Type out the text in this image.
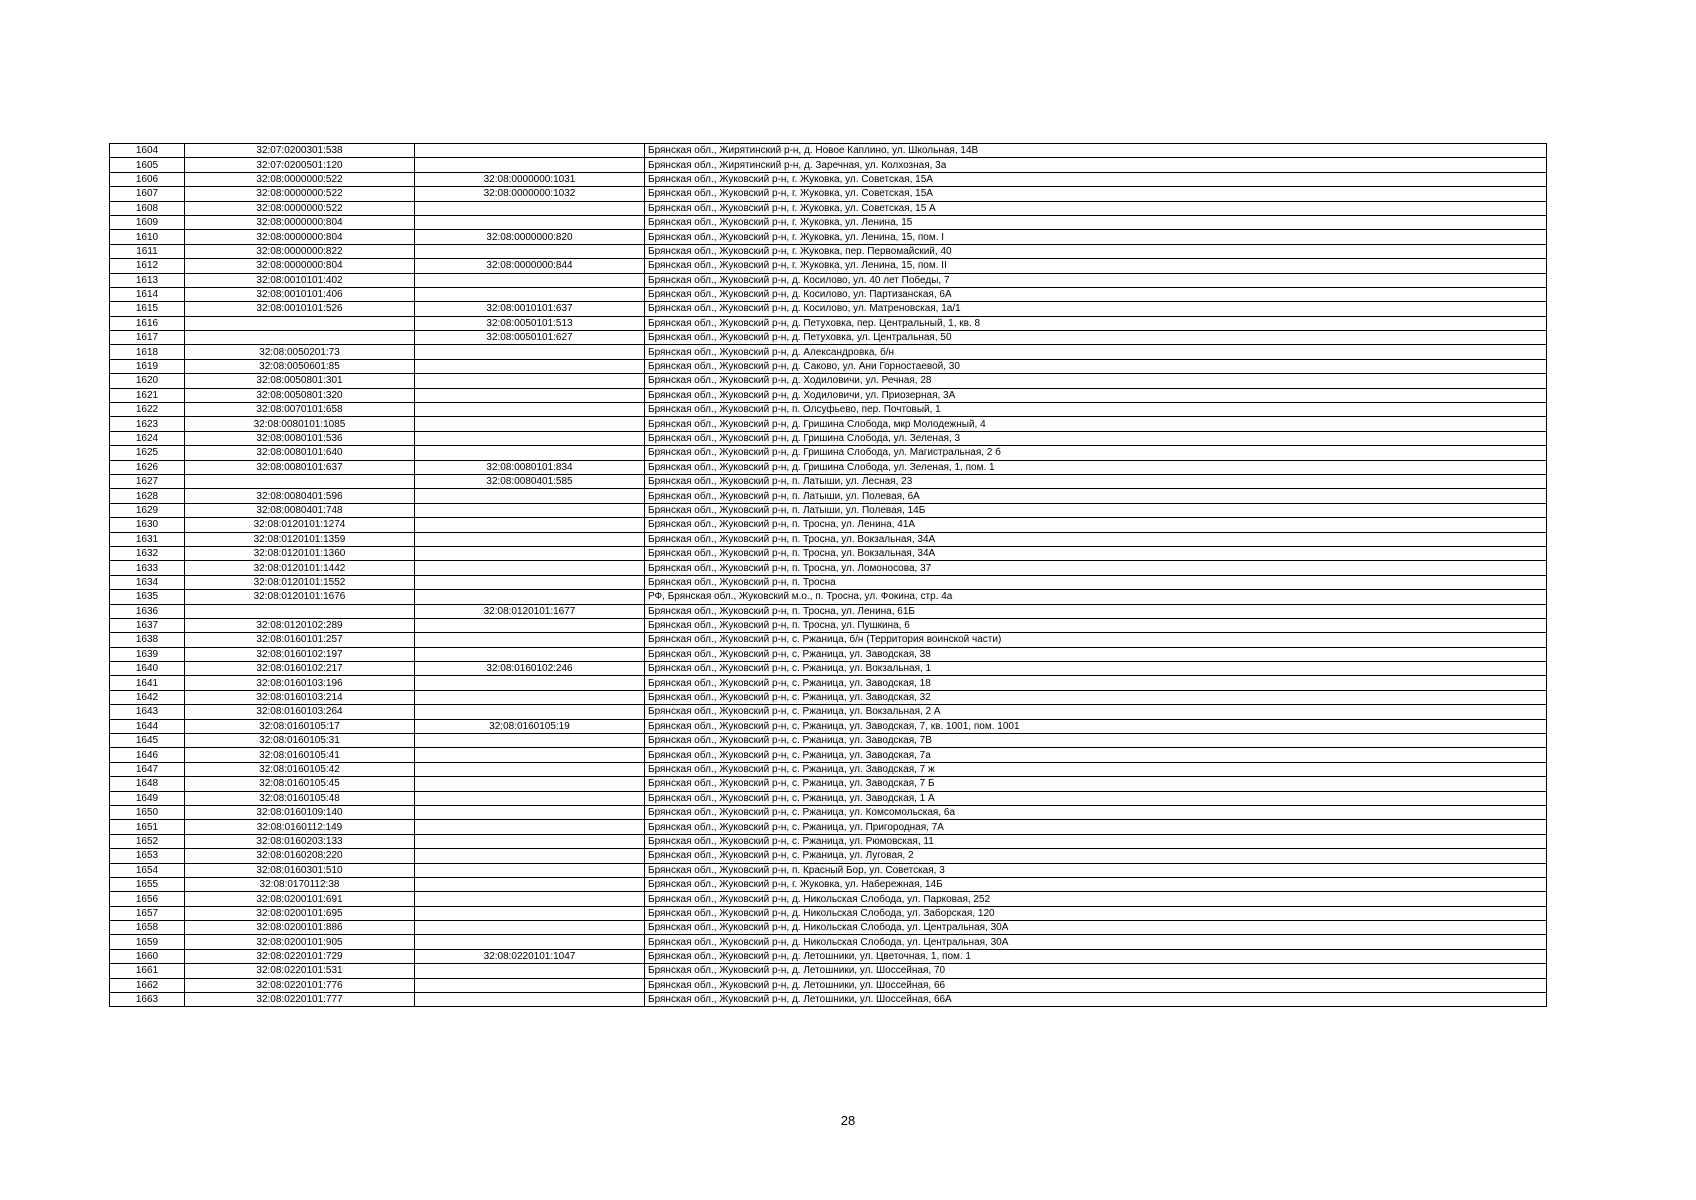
1604	32:07:0200301:538		Брянская обл., Жирятинский р-н, д. Новое Каплино, ул. Школьная, 14В
1605	32:07:0200501:120		Брянская обл., Жирятинский р-н, д. Заречная, ул. Колхозная, 3а
1606	32:08:0000000:522	32:08:0000000:1031	Брянская обл., Жуковский р-н, г. Жуковка, ул. Советская, 15А
1607	32:08:0000000:522	32:08:0000000:1032	Брянская обл., Жуковский р-н, г. Жуковка, ул. Советская, 15А
1608	32:08:0000000:522		Брянская обл., Жуковский р-н, г. Жуковка, ул. Советская, 15 А
1609	32:08:0000000:804		Брянская обл., Жуковский р-н, г. Жуковка, ул. Ленина, 15
1610	32:08:0000000:804	32:08:0000000:820	Брянская обл., Жуковский р-н, г. Жуковка, ул. Ленина, 15, пом. I
1611	32:08:0000000:822		Брянская обл., Жуковский р-н, г. Жуковка, пер. Первомайский, 40
1612	32:08:0000000:804	32:08:0000000:844	Брянская обл., Жуковский р-н, г. Жуковка, ул. Ленина, 15, пом. II
1613	32:08:0010101:402		Брянская обл., Жуковский р-н, д. Косилово, ул. 40 лет Победы, 7
1614	32:08:0010101:406		Брянская обл., Жуковский р-н, д. Косилово, ул. Партизанская, 6А
1615	32:08:0010101:526	32:08:0010101:637	Брянская обл., Жуковский р-н, д. Косилово, ул. Матреновская, 1а/1
1616		32:08:0050101:513	Брянская обл., Жуковский р-н, д. Петуховка, пер. Центральный, 1, кв. 8
1617		32:08:0050101:627	Брянская обл., Жуковский р-н, д. Петуховка, ул. Центральная, 50
1618	32:08:0050201:73		Брянская обл., Жуковский р-н, д. Александровка, б/н
1619	32:08:0050601:85		Брянская обл., Жуковский р-н, д. Саково, ул. Ани Горностаевой, 30
1620	32:08:0050801:301		Брянская обл., Жуковский р-н, д. Ходиловичи, ул. Речная, 28
1621	32:08:0050801:320		Брянская обл., Жуковский р-н, д. Ходиловичи, ул. Приозерная, 3А
1622	32:08:0070101:658		Брянская обл., Жуковский р-н, п. Олсуфьево, пер. Почтовый, 1
1623	32:08:0080101:1085		Брянская обл., Жуковский р-н, д. Гришина Слобода, мкр Молодежный, 4
1624	32:08:0080101:536		Брянская обл., Жуковский р-н, д. Гришина Слобода, ул. Зеленая, 3
1625	32:08:0080101:640		Брянская обл., Жуковский р-н, д. Гришина Слобода, ул. Магистральная, 2 б
1626	32:08:0080101:637	32:08:0080101:834	Брянская обл., Жуковский р-н, д. Гришина Слобода, ул. Зеленая, 1, пом. 1
1627		32:08:0080401:585	Брянская обл., Жуковский р-н, п. Латыши, ул. Лесная, 23
1628	32:08:0080401:596		Брянская обл., Жуковский р-н, п. Латыши, ул. Полевая, 6А
1629	32:08:0080401:748		Брянская обл., Жуковский р-н, п. Латыши, ул. Полевая, 14Б
1630	32:08:0120101:1274		Брянская обл., Жуковский р-н, п. Тросна, ул. Ленина, 41А
1631	32:08:0120101:1359		Брянская обл., Жуковский р-н, п. Тросна, ул. Вокзальная, 34А
1632	32:08:0120101:1360		Брянская обл., Жуковский р-н, п. Тросна, ул. Вокзальная, 34А
1633	32:08:0120101:1442		Брянская обл., Жуковский р-н, п. Тросна, ул. Ломоносова, 37
1634	32:08:0120101:1552		Брянская обл., Жуковский р-н, п. Тросна
1635	32:08:0120101:1676		РФ, Брянская обл., Жуковский м.о., п. Тросна, ул. Фокина, стр. 4а
1636		32:08:0120101:1677	Брянская обл., Жуковский р-н, п. Тросна, ул. Ленина, 61Б
1637	32:08:0120102:289		Брянская обл., Жуковский р-н, п. Тросна, ул. Пушкина, 6
1638	32:08:0160101:257		Брянская обл., Жуковский р-н, с. Ржаница, б/н (Территория воинской части)
1639	32:08:0160102:197		Брянская обл., Жуковский р-н, с. Ржаница, ул. Заводская, 38
1640	32:08:0160102:217	32:08:0160102:246	Брянская обл., Жуковский р-н, с. Ржаница, ул. Вокзальная, 1
1641	32:08:0160103:196		Брянская обл., Жуковский р-н, с. Ржаница, ул. Заводская, 18
1642	32:08:0160103:214		Брянская обл., Жуковский р-н, с. Ржаница, ул. Заводская, 32
1643	32:08:0160103:264		Брянская обл., Жуковский р-н, с. Ржаница, ул. Вокзальная, 2 А
1644	32:08:0160105:17	32:08:0160105:19	Брянская обл., Жуковский р-н, с. Ржаница, ул. Заводская, 7, кв. 1001, пом. 1001
1645	32:08:0160105:31		Брянская обл., Жуковский р-н, с. Ржаница, ул. Заводская, 7В
1646	32:08:0160105:41		Брянская обл., Жуковский р-н, с. Ржаница, ул. Заводская, 7а
1647	32:08:0160105:42		Брянская обл., Жуковский р-н, с. Ржаница, ул. Заводская, 7 ж
1648	32:08:0160105:45		Брянская обл., Жуковский р-н, с. Ржаница, ул. Заводская, 7 Б
1649	32:08:0160105:48		Брянская обл., Жуковский р-н, с. Ржаница, ул. Заводская, 1 А
1650	32:08:0160109:140		Брянская обл., Жуковский р-н, с. Ржаница, ул. Комсомольская, 6а
1651	32:08:0160112:149		Брянская обл., Жуковский р-н, с. Ржаница, ул. Пригородная, 7А
1652	32:08:0160203:133		Брянская обл., Жуковский р-н, с. Ржаница, ул. Рюмовская, 11
1653	32:08:0160208:220		Брянская обл., Жуковский р-н, с. Ржаница, ул. Луговая, 2
1654	32:08:0160301:510		Брянская обл., Жуковский р-н, п. Красный Бор, ул. Советская, 3
1655	32:08:0170112:38		Брянская обл., Жуковский р-н, г. Жуковка, ул. Набережная, 14Б
1656	32:08:0200101:691		Брянская обл., Жуковский р-н, д. Никольская Слобода, ул. Парковая, 252
1657	32:08:0200101:695		Брянская обл., Жуковский р-н, д. Никольская Слобода, ул. Заборская, 120
1658	32:08:0200101:886		Брянская обл., Жуковский р-н, д. Никольская Слобода, ул. Центральная, 30А
1659	32:08:0200101:905		Брянская обл., Жуковский р-н, д. Никольская Слобода, ул. Центральная, 30А
1660	32:08:0220101:729	32:08:0220101:1047	Брянская обл., Жуковский р-н, д. Летошники, ул. Цветочная, 1, пом. 1
1661	32:08:0220101:531		Брянская обл., Жуковский р-н, д. Летошники, ул. Шоссейная, 70
1662	32:08:0220101:776		Брянская обл., Жуковский р-н, д. Летошники, ул. Шоссейная, 66
1663	32:08:0220101:777		Брянская обл., Жуковский р-н, д. Летошники, ул. Шоссейная, 66А
28
